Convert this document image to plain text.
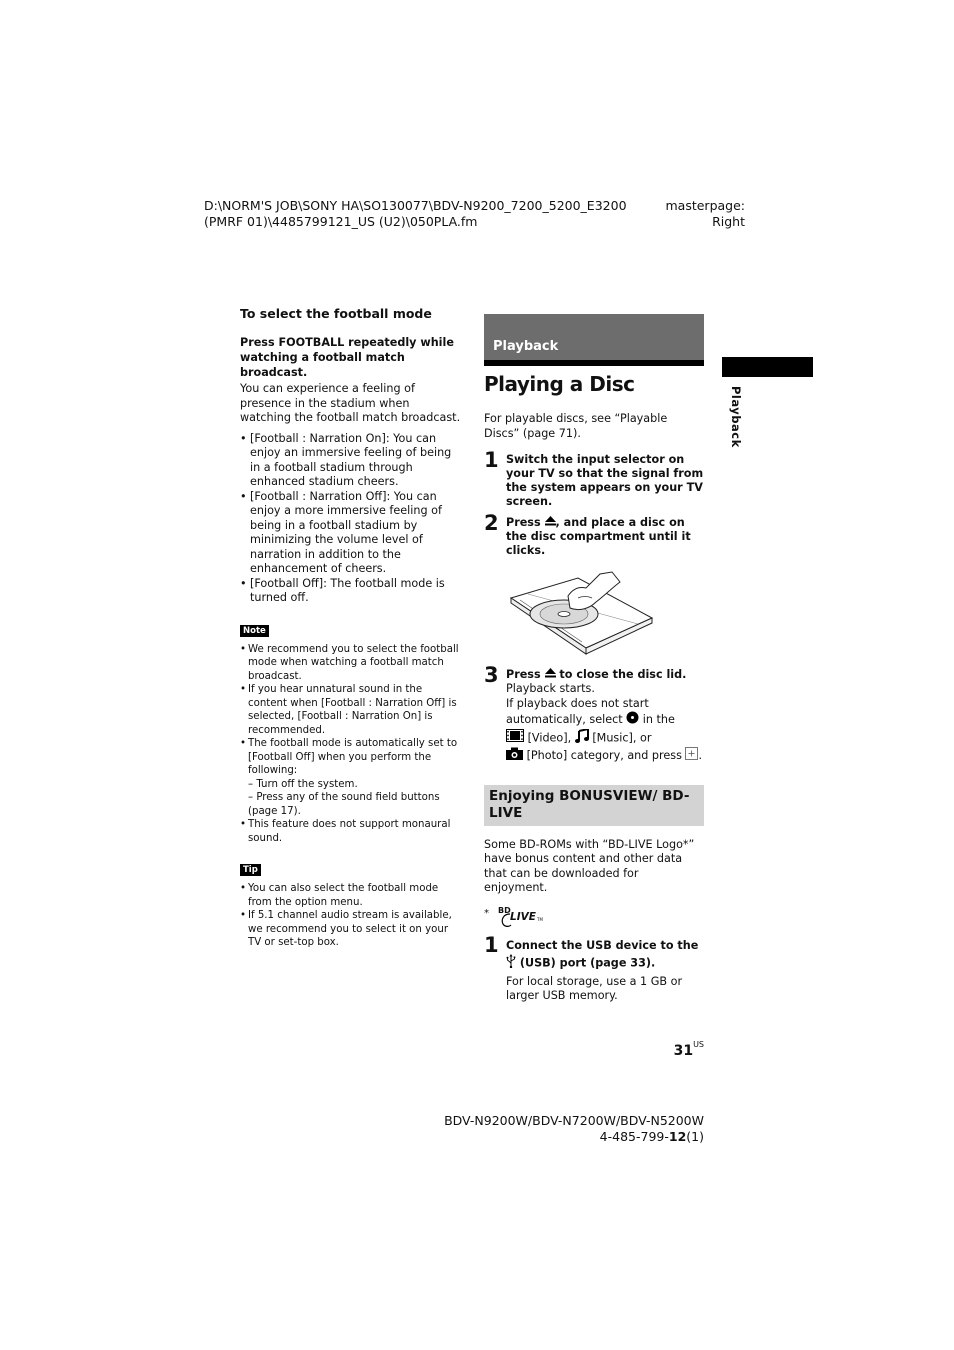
D:\NORM'S JOB\SONY HA\SO130077\BDV-N9200_7200_5200_E3200
(PMRF 01)\4485799121_US (U2)\050PLA.fm
masterpage:
Right
Playback
To select the football mode

Press FOOTBALL repeatedly while watching a football match broadcast.

You can experience a feeling of presence in the stadium when watching the football match broadcast.

• [Football : Narration On]: You can enjoy an immersive feeling of being in a football stadium through enhanced stadium cheers.
• [Football : Narration Off]: You can enjoy a more immersive feeling of being in a football stadium by minimizing the volume level of narration in addition to the enhancement of cheers.
• [Football Off]: The football mode is turned off.
Note
• We recommend you to select the football mode when watching a football match broadcast.
• If you hear unnatural sound in the content when [Football : Narration Off] is selected, [Football : Narration On] is recommended.
• The football mode is automatically set to [Football Off] when you perform the following:
– Turn off the system.
– Press any of the sound field buttons (page 17).
• This feature does not support monaural sound.
Tip
• You can also select the football mode from the option menu.
• If 5.1 channel audio stream is available, we recommend you to select it on your TV or set-top box.
Playback
Playing a Disc

For playable discs, see “Playable Discs” (page 71).

1 Switch the input selector on your TV so that the signal from the system appears on your TV screen.

2 Press , and place a disc on the disc compartment until it clicks.

3 Press  to close the disc lid.

Playback starts.
If playback does not start automatically, select  in the
[Video],  [Music], or
[Photo] category, and press .

Enjoying BONUSVIEW/ BD-LIVE

Some BD-ROMs with “BD-LIVE Logo*” have bonus content and other data that can be downloaded for enjoyment.

* BD
LIVE TM
1 Connect the USB device to the
(USB) port (page 33).

For local storage, use a 1 GB or larger USB memory.

$31^{US}$
BDV-N9200W/BDV-N7200W/BDV-N5200W
4-485-799-12(1)
